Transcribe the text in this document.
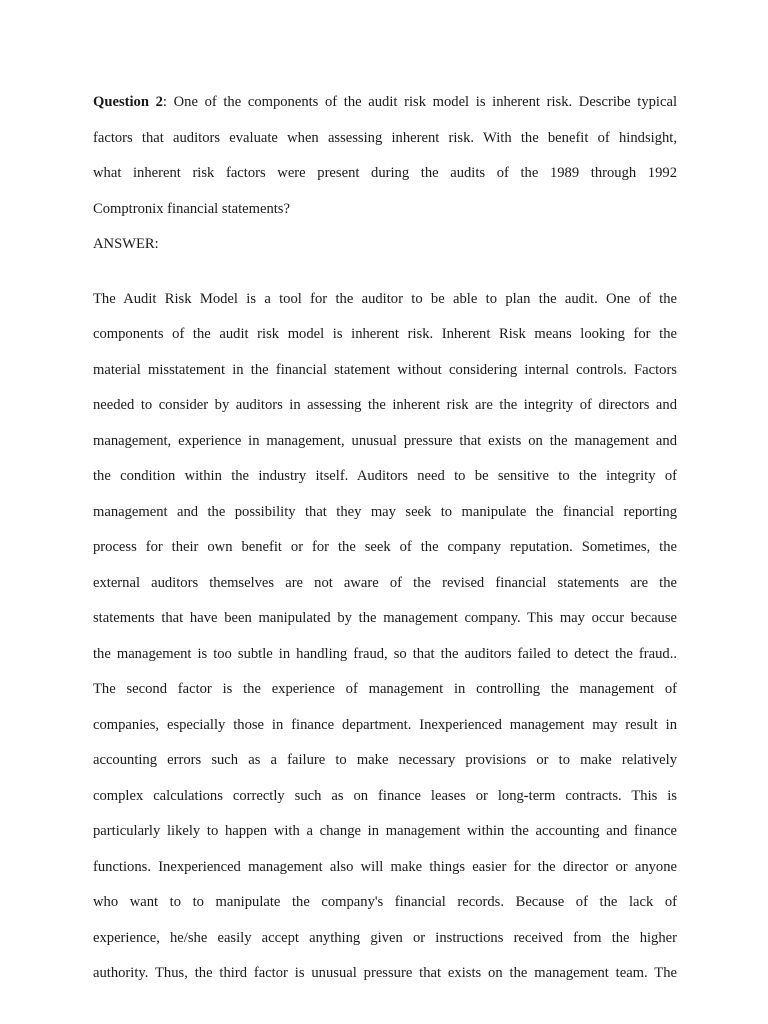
Question 2: One of the components of the audit risk model is inherent risk. Describe typical
factors that auditors evaluate when assessing inherent risk. With the benefit of hindsight,
what inherent risk factors were present during the audits of the 1989 through 1992
Comptronix financial statements?

ANSWER:

The Audit Risk Model is a tool for the auditor to be able to plan the audit. One of the
components of the audit risk model is inherent risk. Inherent Risk means looking for the
material misstatement in the financial statement without considering internal controls. Factors
needed to consider by auditors in assessing the inherent risk are the integrity of directors and
management, experience in management, unusual pressure that exists on the management and
the condition within the industry itself. Auditors need to be sensitive to the integrity of
management and the possibility that they may seek to manipulate the financial reporting
process for their own benefit or for the seek of the company reputation. Sometimes, the
external auditors themselves are not aware of the revised financial statements are the
statements that have been manipulated by the management company. This may occur because
the management is too subtle in handling fraud, so that the auditors failed to detect the fraud..
The second factor is the experience of management in controlling the management of
companies, especially those in finance department. Inexperienced management may result in
accounting errors such as a failure to make necessary provisions or to make relatively
complex calculations correctly such as on finance leases or long-term contracts. This is
particularly likely to happen with a change in management within the accounting and finance
functions. Inexperienced management also will make things easier for the director or anyone
who want to to manipulate the company's financial records. Because of the lack of
experience, he/she easily accept anything given or instructions received from the higher
authority. Thus, the third factor is unusual pressure that exists on the management team. The
